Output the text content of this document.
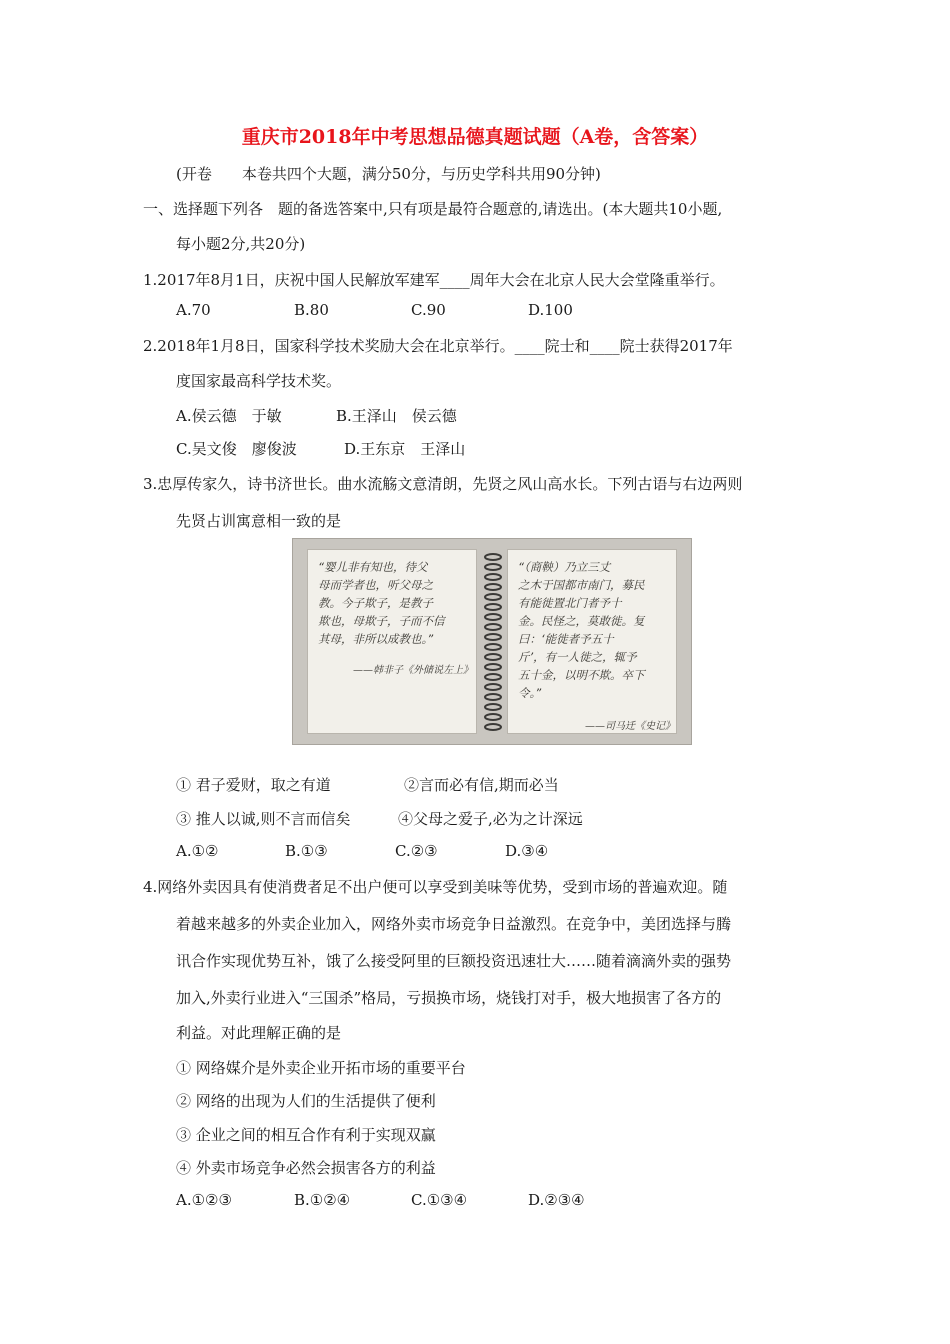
重庆市2018年中考思想品德真题试题（A卷，含答案）
(开卷　　本卷共四个大题，满分50分，与历史学科共用90分钟)
一、选择题下列各　题的备选答案中,只有项是最符合题意的,请选出。(本大题共10小题,
每小题2分,共20分)
1.2017年8月1日，庆祝中国人民解放军建军____周年大会在北京人民大会堂隆重举行。
A.70	B.80	C.90	D.100
2.2018年1月8日，国家科学技术奖励大会在北京举行。____院士和____院士获得2017年
度国家最高科学技术奖。
A.侯云德　于敏	B.王泽山　侯云德
C.吴文俊　廖俊波	D.王东京　王泽山
3.忠厚传家久，诗书济世长。曲水流觞文意清朗，先贤之风山高水长。下列古语与右边两则
先贤占训寓意相一致的是
“婴儿非有知也，待父
母而学者也，听父母之
教。今子欺子，是教子
欺也，母欺子，子而不信
其母，非所以成教也。”
——韩非子《外储说左上》
“（商鞅）乃立三丈
之木于国都市南门，募民
有能徙置北门者予十
金。民怪之，莫敢徙。复
曰：‘能徙者予五十
斤’，有一人徙之，辄予
五十金，以明不欺。卒下
令。”
——司马迁《史记》
① 君子爱财，取之有道	②言而必有信,期而必当
③ 推人以诚,则不言而信矣	④父母之爱子,必为之计深远
A.①②	B.①③	C.②③	D.③④
4.网络外卖因具有使消费者足不出户便可以享受到美味等优势，受到市场的普遍欢迎。随
着越来越多的外卖企业加入，网络外卖市场竞争日益激烈。在竞争中，美团选择与腾
讯合作实现优势互补，饿了么接受阿里的巨额投资迅速壮大……随着滴滴外卖的强势
加入,外卖行业进入“三国杀”格局，亏损换市场，烧钱打对手，极大地损害了各方的
利益。对此理解正确的是
① 网络媒介是外卖企业开拓市场的重要平台
② 网络的出现为人们的生活提供了便利
③ 企业之间的相互合作有利于实现双赢
④ 外卖市场竞争必然会损害各方的利益
A.①②③	B.①②④	C.①③④	D.②③④
